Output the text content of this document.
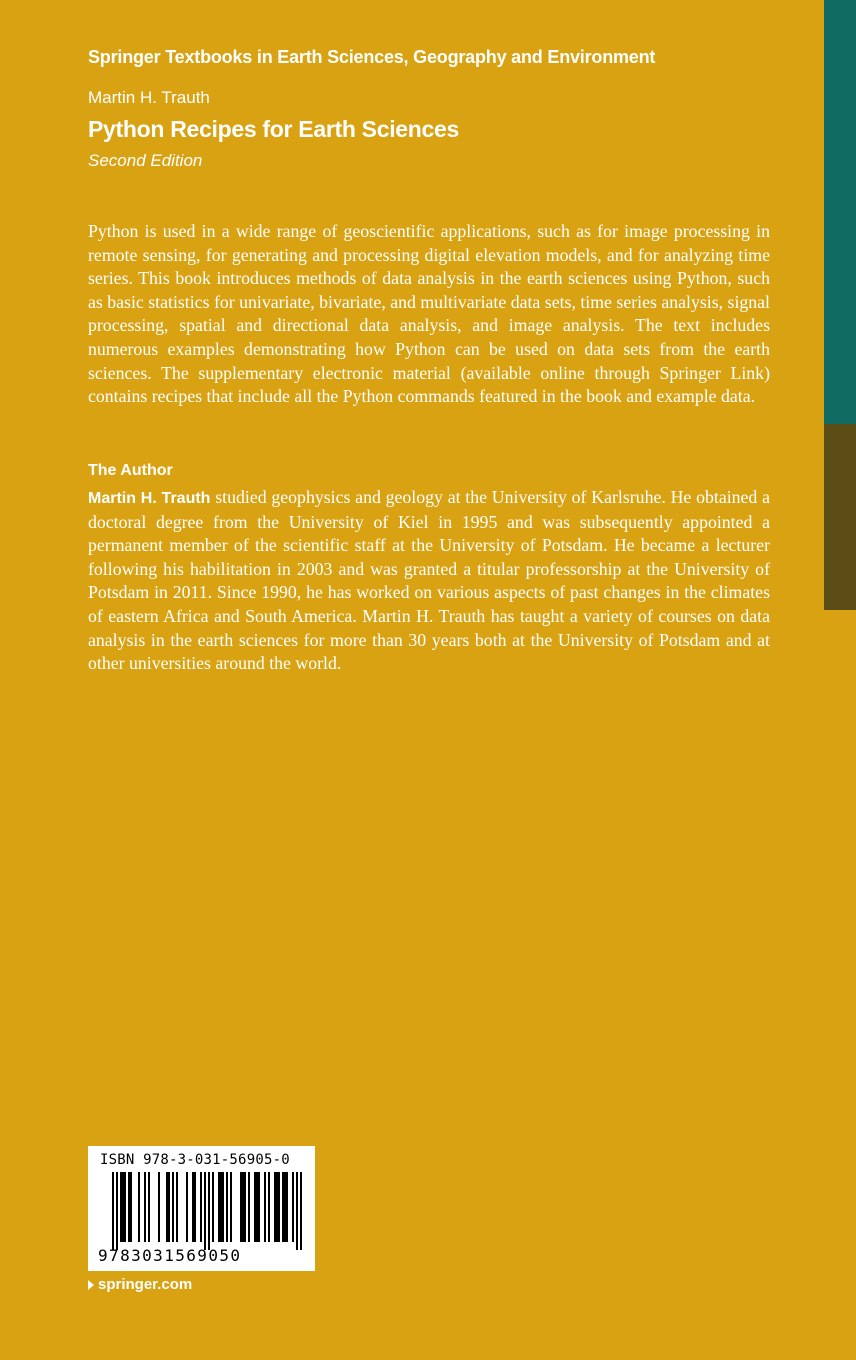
Springer Textbooks in Earth Sciences, Geography and Environment
Martin H. Trauth
Python Recipes for Earth Sciences
Second Edition

Python is used in a wide range of geoscientific applications, such as for image processing in remote sensing, for generating and processing digital elevation models, and for analyzing time series. This book introduces methods of data analysis in the earth sciences using Python, such as basic statistics for univariate, bivariate, and multivariate data sets, time series analysis, signal processing, spatial and directional data analysis, and image analysis. The text includes numerous examples demonstrating how Python can be used on data sets from the earth sciences. The supplementary electronic material (available online through Springer Link) contains recipes that include all the Python commands featured in the book and example data.

The Author

Martin H. Trauth studied geophysics and geology at the University of Karlsruhe. He obtained a doctoral degree from the University of Kiel in 1995 and was subsequently appointed a permanent member of the scientific staff at the University of Potsdam. He became a lecturer following his habilitation in 2003 and was granted a titular professorship at the University of Potsdam in 2011. Since 1990, he has worked on various aspects of past changes in the climates of eastern Africa and South America. Martin H. Trauth has taught a variety of courses on data analysis in the earth sciences for more than 30 years both at the University of Potsdam and at other universities around the world.

ISBN 978-3-031-56905-0
9783031569050
springer.com
